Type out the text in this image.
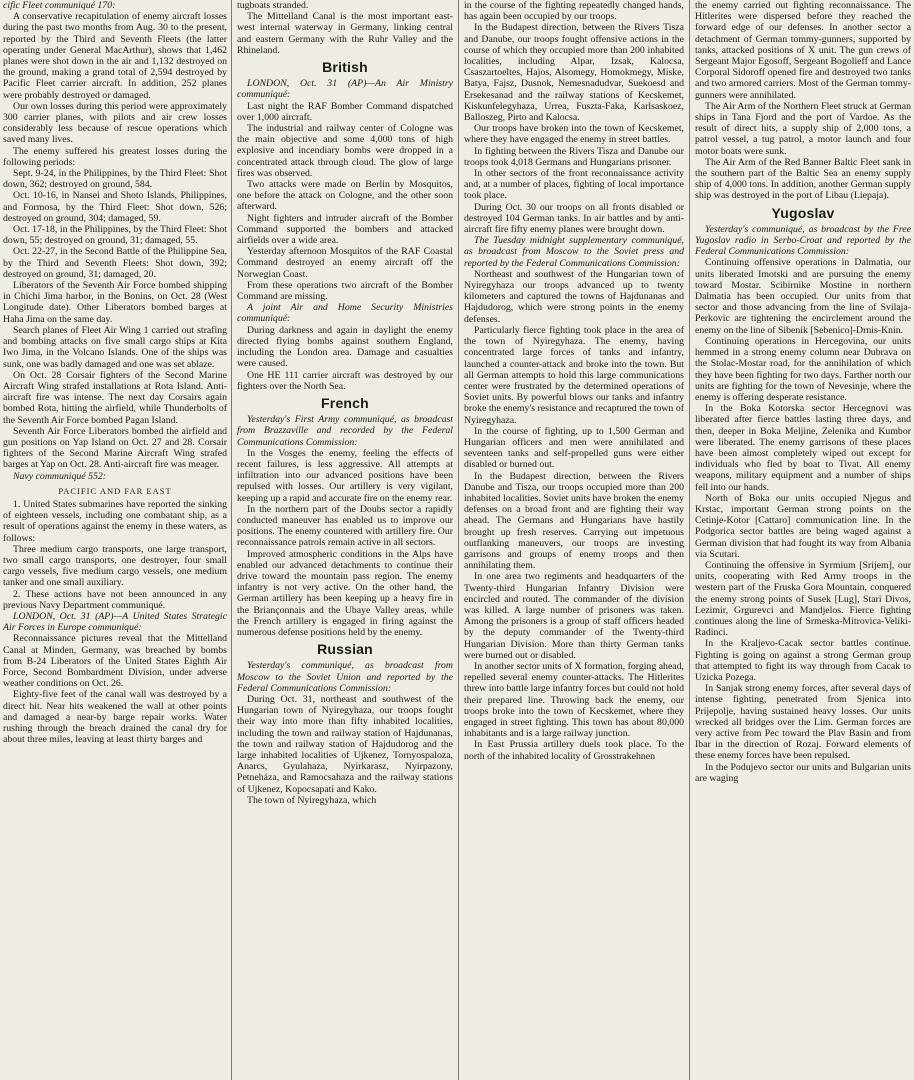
cific Fleet communiqué 170:

A conservative recapitulation of enemy aircraft losses during the past two months from Aug. 30 to the present, reported by the Third and Seventh Fleets (the latter operating under General MacArthur), shows that 1,462 planes were shot down in the air and 1,132 destroyed on the ground, making a grand total of 2,594 destroyed by Pacific Fleet carrier aircraft. In addition, 252 planes were probably destroyed or damaged.

Our own losses during this period were approximately 300 carrier planes, with pilots and air crew losses considerably less because of rescue operations which saved many lives.

The enemy suffered his greatest losses during the following periods:

Sept. 9-24, in the Philippines, by the Third Fleet: Shot down, 362; destroyed on ground, 584.

Oct. 10-16, in Nansei and Shoto Islands, Philippines, and Formosa, by the Third Fleet: Shot down, 526; destroyed on ground, 304; damaged, 59.

Oct. 17-18, in the Philippines, by the Third Fleet: Shot down, 55; destroyed on ground, 31; damaged, 55.

Oct. 22-27, in the Second Battle of the Philippine Sea, by the Third and Seventh Fleets: Shot down, 392; destroyed on ground, 31; damaged, 20.

Liberators of the Seventh Air Force bombed shipping in Chichi Jima harbor, in the Bonins, on Oct. 28 (West Longitude date). Other Liberators bombed barges at Haha Jima on the same day.

Search planes of Fleet Air Wing 1 carried out strafing and bombing attacks on five small cargo ships at Kita Iwo Jima, in the Volcano Islands. One of the ships was sunk, one was badly damaged and one was set ablaze.

On Oct. 28 Corsair fighters of the Second Marine Aircraft Wing strafed installations at Rota Island. Anti-aircraft fire was intense. The next day Corsairs again bombed Rota, hitting the airfield, while Thunderbolts of the Seventh Air Force bombed Pagan Island.

Seventh Air Force Liberators bombed the airfield and gun positions on Yap Island on Oct. 27 and 28. Corsair fighters of the Second Marine Aircraft Wing strafed barges at Yap on Oct. 28. Anti-aircraft fire was meager.

Navy communiqué 552:

PACIFIC AND FAR EAST

1. United States submarines have reported the sinking of eighteen vessels, including one combatant ship, as a result of operations against the enemy in these waters, as follows:

Three medium cargo transports, one large transport, two small cargo transports, one destroyer, four small cargo vessels, five medium cargo vessels, one medium tanker and one small auxiliary.

2. These actions have not been announced in any previous Navy Department communiqué.

LONDON, Oct. 31 (AP)—A United States Strategic Air Forces in Europe communiqué:

Reconnaissance pictures reveal that the Mittelland Canal at Minden, Germany, was breached by bombs from B-24 Liberators of the United States Eighth Air Force, Second Bombardment Division, under adverse weather conditions on Oct. 26.

Eighty-five feet of the canal wall was destroyed by a direct hit. Near hits weakened the wall at other points and damaged a near-by barge repair works. Water rushing through the breach drained the canal dry for about three miles, leaving at least thirty barges and

tugboats stranded.

The Mittelland Canal is the most important east-west internal waterway in Germany, linking central and eastern Germany with the Ruhr Valley and the Rhineland.

British

LONDON, Oct. 31 (AP)—An Air Ministry communiqué:

Last night the RAF Bomber Command dispatched over 1,000 aircraft.

The industrial and railway center of Cologne was the main objective and some 4,000 tons of high explosive and incendiary bombs were dropped in a concentrated attack through cloud. The glow of large fires was observed.

Two attacks were made on Berlin by Mosquitos, one before the attack on Cologne, and the other soon afterward.

Night fighters and intruder aircraft of the Bomber Command supported the bombers and attacked airfields over a wide area.

Yesterday afternoon Mosquitos of the RAF Coastal Command destroyed an enemy aircraft off the Norwegian Coast.

From these operations two aircraft of the Bomber Command are missing.

A joint Air and Home Security Ministries communiqué:

During darkness and again in daylight the enemy directed flying bombs against southern England, including the London area. Damage and casualties were caused.

One HE 111 carrier aircraft was destroyed by our fighters over the North Sea.

French

Yesterday's First Army communiqué, as broadcast from Brazzaville and recorded by the Federal Communications Commission:

In the Vosges the enemy, feeling the effects of recent failures, is less aggressive. All attempts at infiltration into our advanced positions have been repulsed with losses. Our artillery is very vigilant, keeping up a rapid and accurate fire on the enemy rear.

In the northern part of the Doubs sector a rapidly conducted maneuver has enabled us to improve our positions. The enemy countered with artillery fire. Our reconnaissance patrols remain active in all sectors.

Improved atmospheric conditions in the Alps have enabled our advanced detachments to continue their drive toward the mountain pass region. The enemy infantry is not very active. On the other hand, the German artillery has been keeping up a heavy fire in the Briançonnais and the Ubaye Valley areas, while the French artillery is engaged in firing against the numerous defense positions held by the enemy.

Russian

Yesterday's communiqué, as broadcast from Moscow to the Soviet Union and reported by the Federal Communications Commission:

During Oct. 31, northeast and southwest of the Hungarian town of Nyiregyhaza, our troops fought their way into more than fifty inhabited localities, including the town and railway station of Hajdunanas, the town and railway station of Hajdudorog and the large inhabited localities of Ujkenez, Tornyospalozа, Anarcs, Gyulahaza, Nyirkarasz, Nyirpazony, Petneháza, and Ramocsahaza and the railway stations of Ujkenez, Kopocsapati and Kako.

The town of Nyiregyhaza, which

in the course of the fighting repeatedly changed hands, has again been occupied by our troops.

In the Budapest direction, between the Rivers Tisza and Danube, our troops fought offensive actions in the course of which they occupied more than 200 inhabited localities, including Alpar, Izsak, Kalocsa, Csaszartoeltes, Hajos, Alsomegy, Homokmegy, Miske, Batya, Fajsz, Dusnok, Nemesnadudvar, Suekoesd and Ersekesanad and the railway stations of Kecskemet, Kiskunfelegyhaza, Urrea, Fuszta-Faka, Karlsaskoez, Balloszeg, Pirto and Kalocsa.

Our troops have broken into the town of Kecskemet, where they have engaged the enemy in street battles.

In fighting between the Rivers Tisza and Danube our troops took 4,018 Germans and Hungarians prisoner.

In other sectors of the front reconnaissance activity and, at a number of places, fighting of local importance took place.

During Oct. 30 our troops on all fronts disabled or destroyed 104 German tanks. In air battles and by anti-aircraft fire fifty enemy planes were brought down.

The Tuesday midnight supplementary communiqué, as broadcast from Moscow to the Soviet press and reported by the Federal Communications Commission:

Northeast and southwest of the Hungarian town of Nyiregyhaza our troops advanced up to twenty kilometers and captured the towns of Hajdunanas and Hajdudorog, which were strong points in the enemy defenses.

Particularly fierce fighting took place in the area of the town of Nyiregyhaza. The enemy, having concentrated large forces of tanks and infantry, launched a counter-attack and broke into the town. But all German attempts to hold this large communications center were frustrated by the determined operations of Soviet units. By powerful blows our tanks and infantry broke the enemy's resistance and recaptured the town of Nyiregyhaza.

In the course of fighting, up to 1,500 German and Hungarian officers and men were annihilated and seventeen tanks and self-propelled guns were either disabled or burned out.

In the Budapest direction, between the Rivers Danube and Tisza, our troops occupied more than 200 inhabited localities. Soviet units have broken the enemy defenses on a broad front and are fighting their way ahead. The Germans and Hungarians have hastily brought up fresh reserves. Carrying out impetuous outflanking maneuvers, our troops are investing garrisons and groups of enemy troops and then annihilating them.

In one area two regiments and headquarters of the Twenty-third Hungarian Infantry Division were encircled and routed. The commander of the division was killed. A large number of prisoners was taken. Among the prisoners is a group of staff officers headed by the deputy commander of the Twenty-third Hungarian Division. More than thirty German tanks were burned out or disabled.

In another sector units of X formation, forging ahead, repelled several enemy counter-attacks. The Hitlerites threw into battle large infantry forces but could not hold their prepared line. Throwing back the enemy, our troops broke into the town of Kecskemet, where they engaged in street fighting. This town has about 80,000 inhabitants and is a large railway junction.

In East Prussia artillery duels took place. To the north of the inhabited locality of Grosstrakehnen

the enemy carried out fighting reconnaissance. The Hitlerites were dispersed before they reached the forward edge of our defenses. In another sector a detachment of German tommy-gunners, supported by tanks, attacked positions of X unit. The gun crews of Sergeant Major Egosoff, Sergeant Bogolieff and Lance Corporal Sidoroff opened fire and destroyed two tanks and two armored carriers. Most of the German tommy-gunners were annihilated.

The Air Arm of the Northern Fleet struck at German ships in Tana Fjord and the port of Vardoe. As the result of direct hits, a supply ship of 2,000 tons, a patrol vessel, a tug patrol, a motor launch and four motor boats were sunk.

The Air Arm of the Red Banner Baltic Fleet sank in the southern part of the Baltic Sea an enemy supply ship of 4,000 tons. In addition, another German supply ship was destroyed in the port of Libau (Liepaja).

Yugoslav

Yesterday's communiqué, as broadcast by the Free Yugoslav radio in Serbo-Croat and reported by the Federal Communications Commission:

Continuing offensive operations in Dalmatia, our units liberated Imotski and are pursuing the enemy toward Mostar. Scibirnike Mostine in northern Dalmatia has been occupied. Our units from that sector and those advancing from the line of Svilaja-Perkovic are tightening the encirclement around the enemy on the line of Sibenik [Sebenico]-Drnis-Knin.

Continuing operations in Hercegovina, our units hemmed in a strong enemy column near Dubrava on the Stolac-Mostar road, for the annihilation of which they have been fighting for two days. Farther north our units are fighting for the town of Nevesinje, where the enemy is offering desperate resistance.

In the Boka Kotorska sector Hercegnovi was liberated after fierce battles lasting three days, and then, deeper in Boka Meljine, Zelenika and Kumbor were liberated. The enemy garrisons of these places have been almost completely wiped out except for individuals who fled by boat to Tivat. All enemy weapons, military equipment and a number of ships fell into our hands.

North of Boka our units occupied Njegus and Krstac, important German strong points on the Cetinje-Kotor [Cattaro] communication line. In the Podgorica sector battles are being waged against a German division that had fought its way from Albania via Scutari.

Continuing the offensive in Syrmium [Srijem], our units, cooperating with Red Army troops in the western part of the Fruska Gora Mountain, conquered the enemy strong points of Susek [Lug], Stari Divos, Lezimir, Grgurevci and Mandjelos. Fierce fighting continues along the line of Srmeska-Mitrovica-Veliki-Radinci.

In the Kraljevo-Cacak sector battles continue. Fighting is going on against a strong German group that attempted to fight its way through from Cacak to Uzicka Pozega.

In Sanjak strong enemy forces, after several days of intense fighting, penetrated from Sjenica into Prijepolje, having sustained heavy losses. Our units wrecked all bridges over the Lim. German forces are very active from Pec toward the Plav Basin and from Ibar in the direction of Rozaj. Forward elements of these enemy forces have been repulsed.

In the Podujevo sector our units and Bulgarian units are waging
